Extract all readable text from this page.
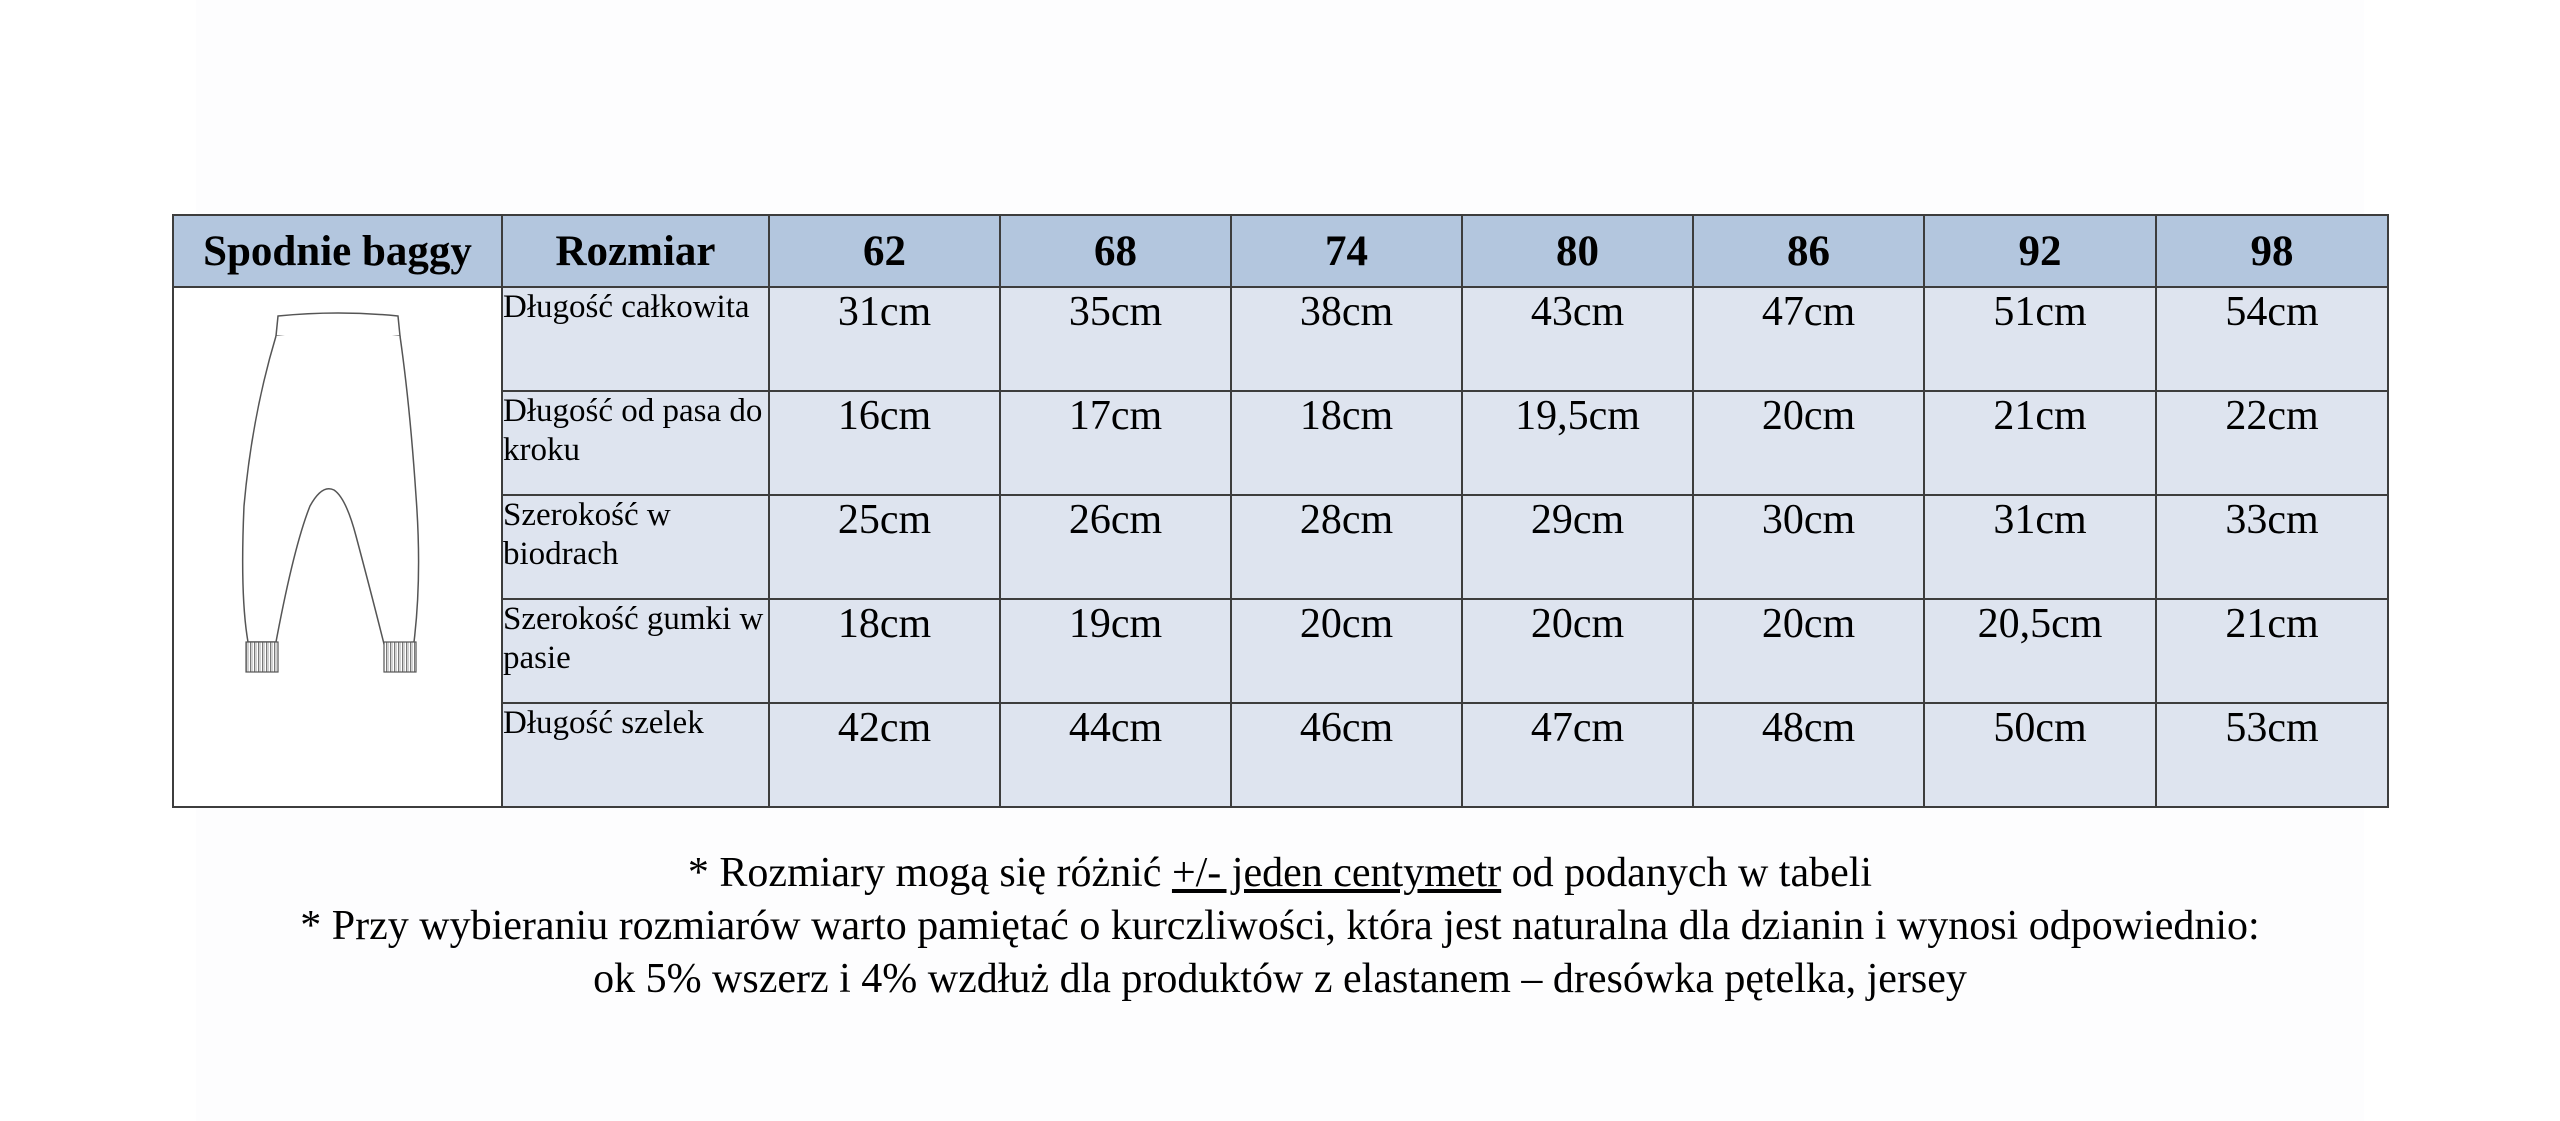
Spodnie baggy	Rozmiar	62	68	74	80	86	92	98

	Długość całkowita	31cm	35cm	38cm	43cm	47cm	51cm	54cm
	Długość od pasa do kroku	16cm	17cm	18cm	19,5cm	20cm	21cm	22cm
	Szerokość w biodrach	25cm	26cm	28cm	29cm	30cm	31cm	33cm
	Szerokość gumki w pasie	18cm	19cm	20cm	20cm	20cm	20,5cm	21cm
	Długość szelek	42cm	44cm	46cm	47cm	48cm	50cm	53cm
* Rozmiary mogą się różnić +/- jeden centymetr od podanych w tabeli
* Przy wybieraniu rozmiarów warto pamiętać o kurczliwości, która jest naturalna dla dzianin i wynosi odpowiednio:
ok 5% wszerz i 4% wzdłuż dla produktów z elastanem – dresówka pętelka, jersey
